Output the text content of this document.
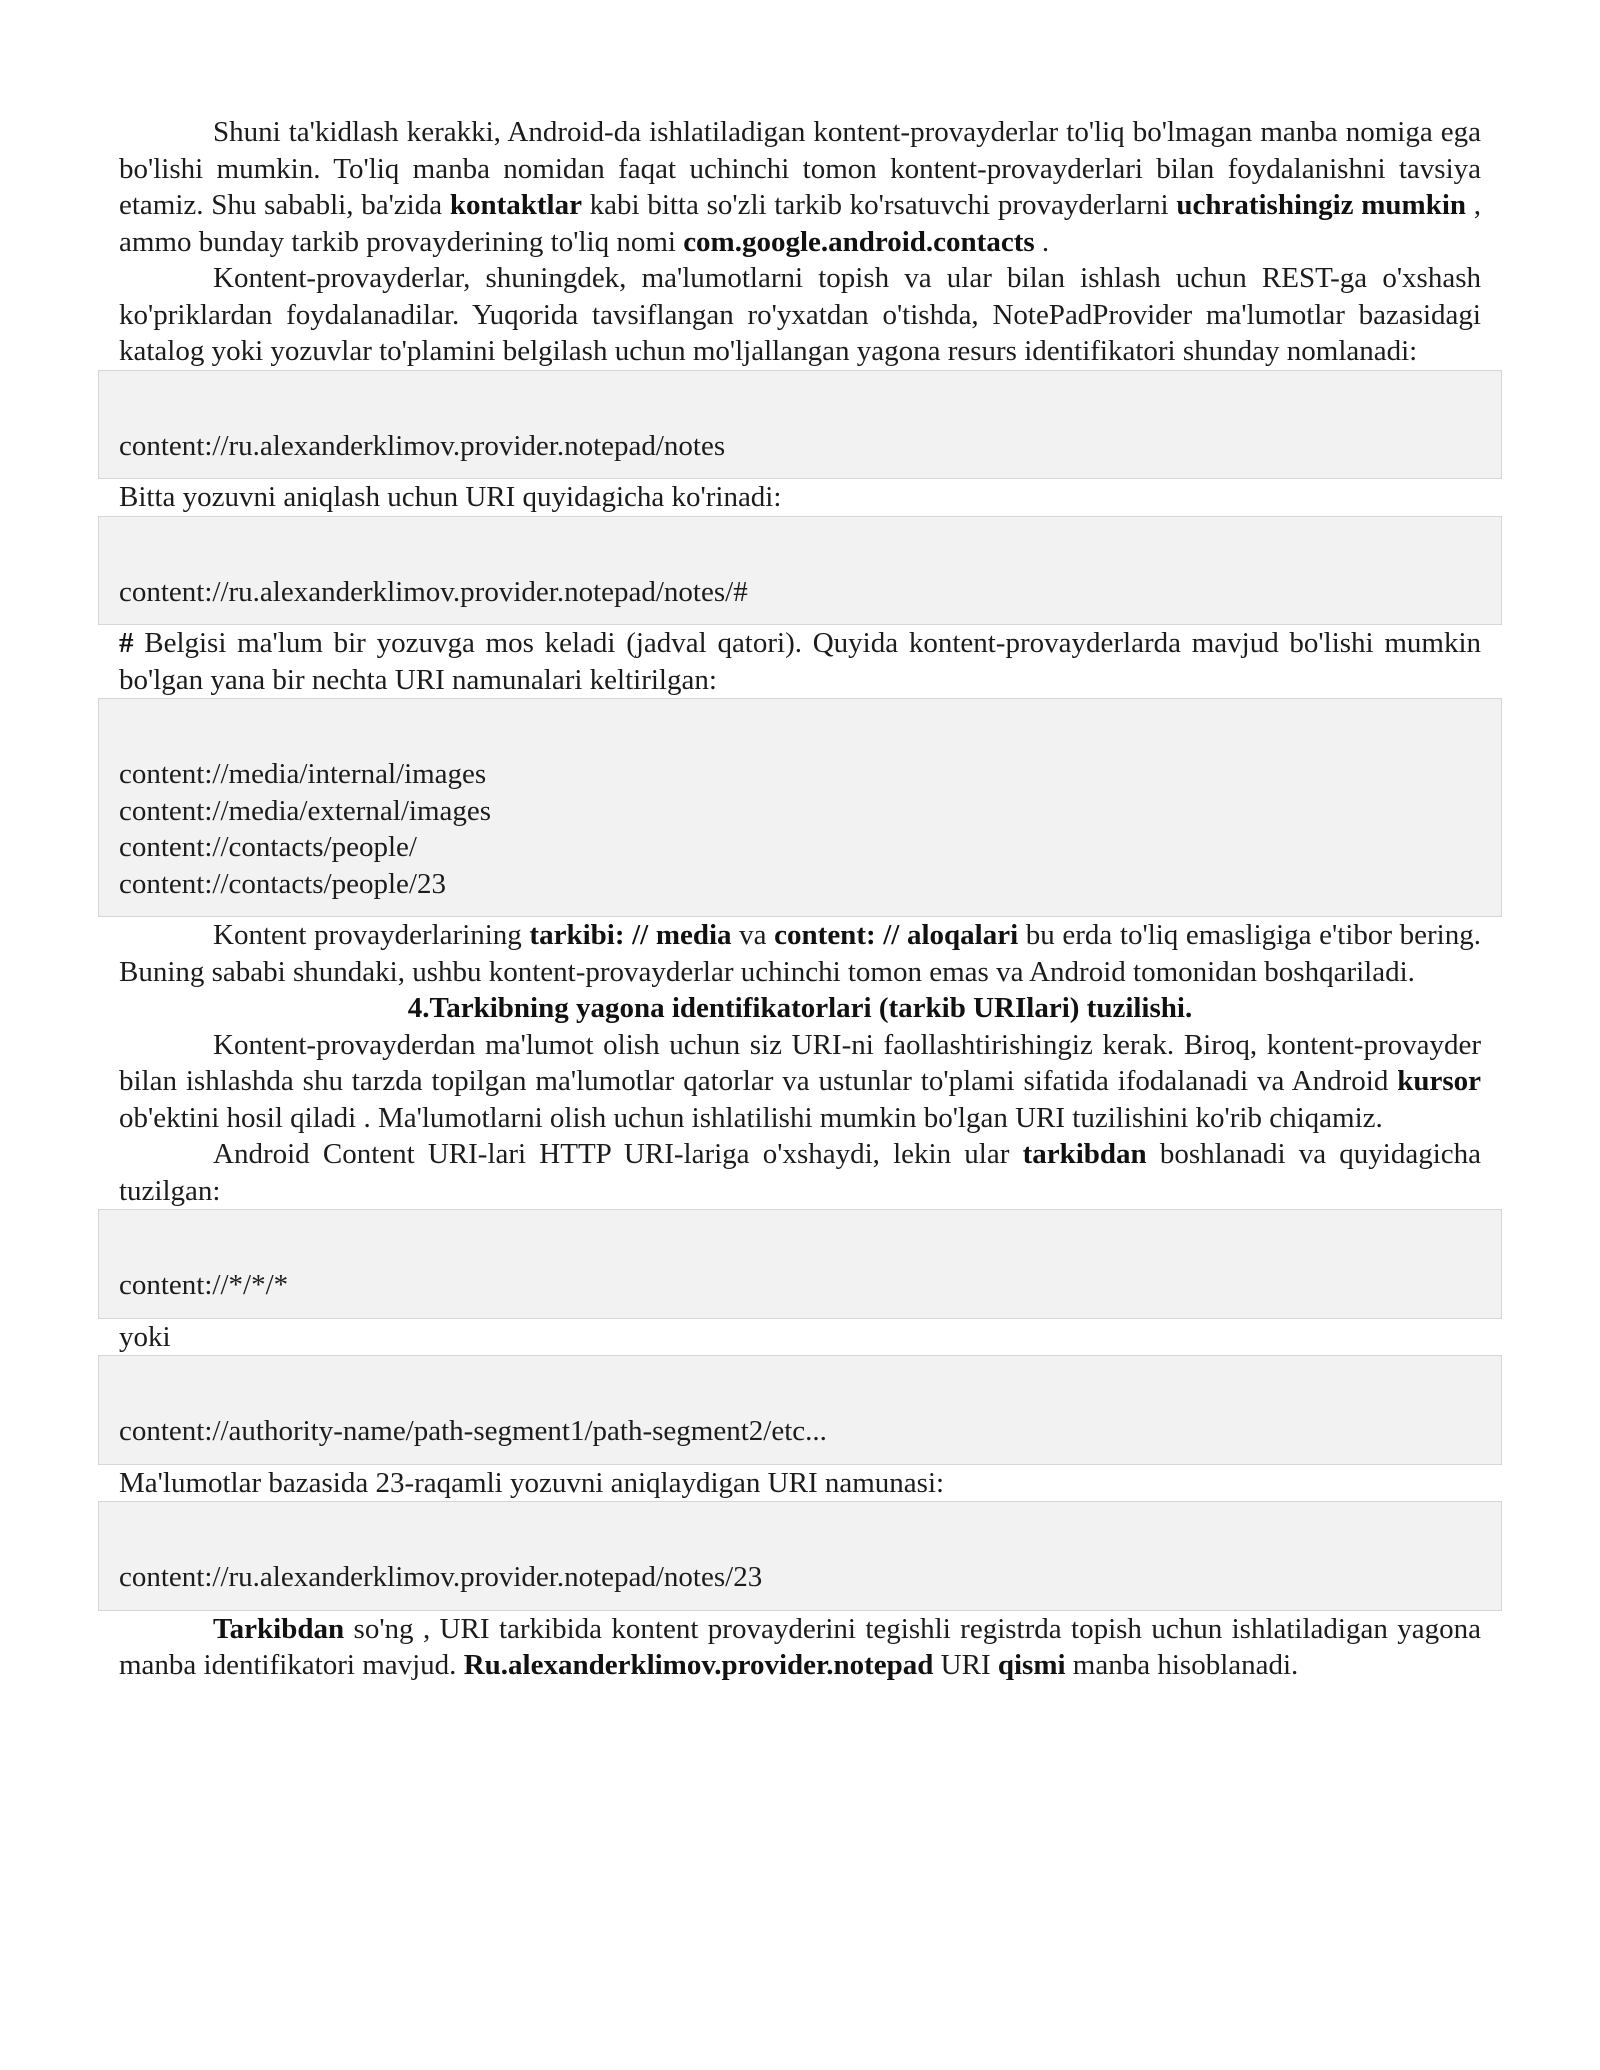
Shuni ta'kidlash kerakki, Android-da ishlatiladigan kontent-provayderlar to'liq bo'lmagan manba nomiga ega bo'lishi mumkin. To'liq manba nomidan faqat uchinchi tomon kontent-provayderlari bilan foydalanishni tavsiya etamiz. Shu sababli, ba'zida kontaktlar kabi bitta so'zli tarkib ko'rsatuvchi provayderlarni uchratishingiz mumkin , ammo bunday tarkib provayderining to'liq nomi com.google.android.contacts .

Kontent-provayderlar, shuningdek, ma'lumotlarni topish va ular bilan ishlash uchun REST-ga o'xshash ko'priklardan foydalanadilar. Yuqorida tavsiflangan ro'yxatdan o'tishda, NotePadProvider ma'lumotlar bazasidagi katalog yoki yozuvlar to'plamini belgilash uchun mo'ljallangan yagona resurs identifikatori shunday nomlanadi:

content://ru.alexanderklimov.provider.notepad/notes

Bitta yozuvni aniqlash uchun URI quyidagicha ko'rinadi:

content://ru.alexanderklimov.provider.notepad/notes/#

# Belgisi ma'lum bir yozuvga mos keladi (jadval qatori). Quyida kontent-provayderlarda mavjud bo'lishi mumkin bo'lgan yana bir nechta URI namunalari keltirilgan:

content://media/internal/images
content://media/external/images
content://contacts/people/
content://contacts/people/23

Kontent provayderlarining tarkibi: // media va content: // aloqalari bu erda to'liq emasligiga e'tibor bering. Buning sababi shundaki, ushbu kontent-provayderlar uchinchi tomon emas va Android tomonidan boshqariladi.

4.Tarkibning yagona identifikatorlari (tarkib URIlari) tuzilishi.

Kontent-provayderdan ma'lumot olish uchun siz URI-ni faollashtirishingiz kerak. Biroq, kontent-provayder bilan ishlashda shu tarzda topilgan ma'lumotlar qatorlar va ustunlar to'plami sifatida ifodalanadi va Android kursor ob'ektini hosil qiladi . Ma'lumotlarni olish uchun ishlatilishi mumkin bo'lgan URI tuzilishini ko'rib chiqamiz.

Android Content URI-lari HTTP URI-lariga o'xshaydi, lekin ular tarkibdan boshlanadi va quyidagicha tuzilgan:

content://*/*/*

yoki

content://authority-name/path-segment1/path-segment2/etc...

Ma'lumotlar bazasida 23-raqamli yozuvni aniqlaydigan URI namunasi:

content://ru.alexanderklimov.provider.notepad/notes/23

Tarkibdan so'ng , URI tarkibida kontent provayderini tegishli registrda topish uchun ishlatiladigan yagona manba identifikatori mavjud. Ru.alexanderklimov.provider.notepad URI qismi manba hisoblanadi.
